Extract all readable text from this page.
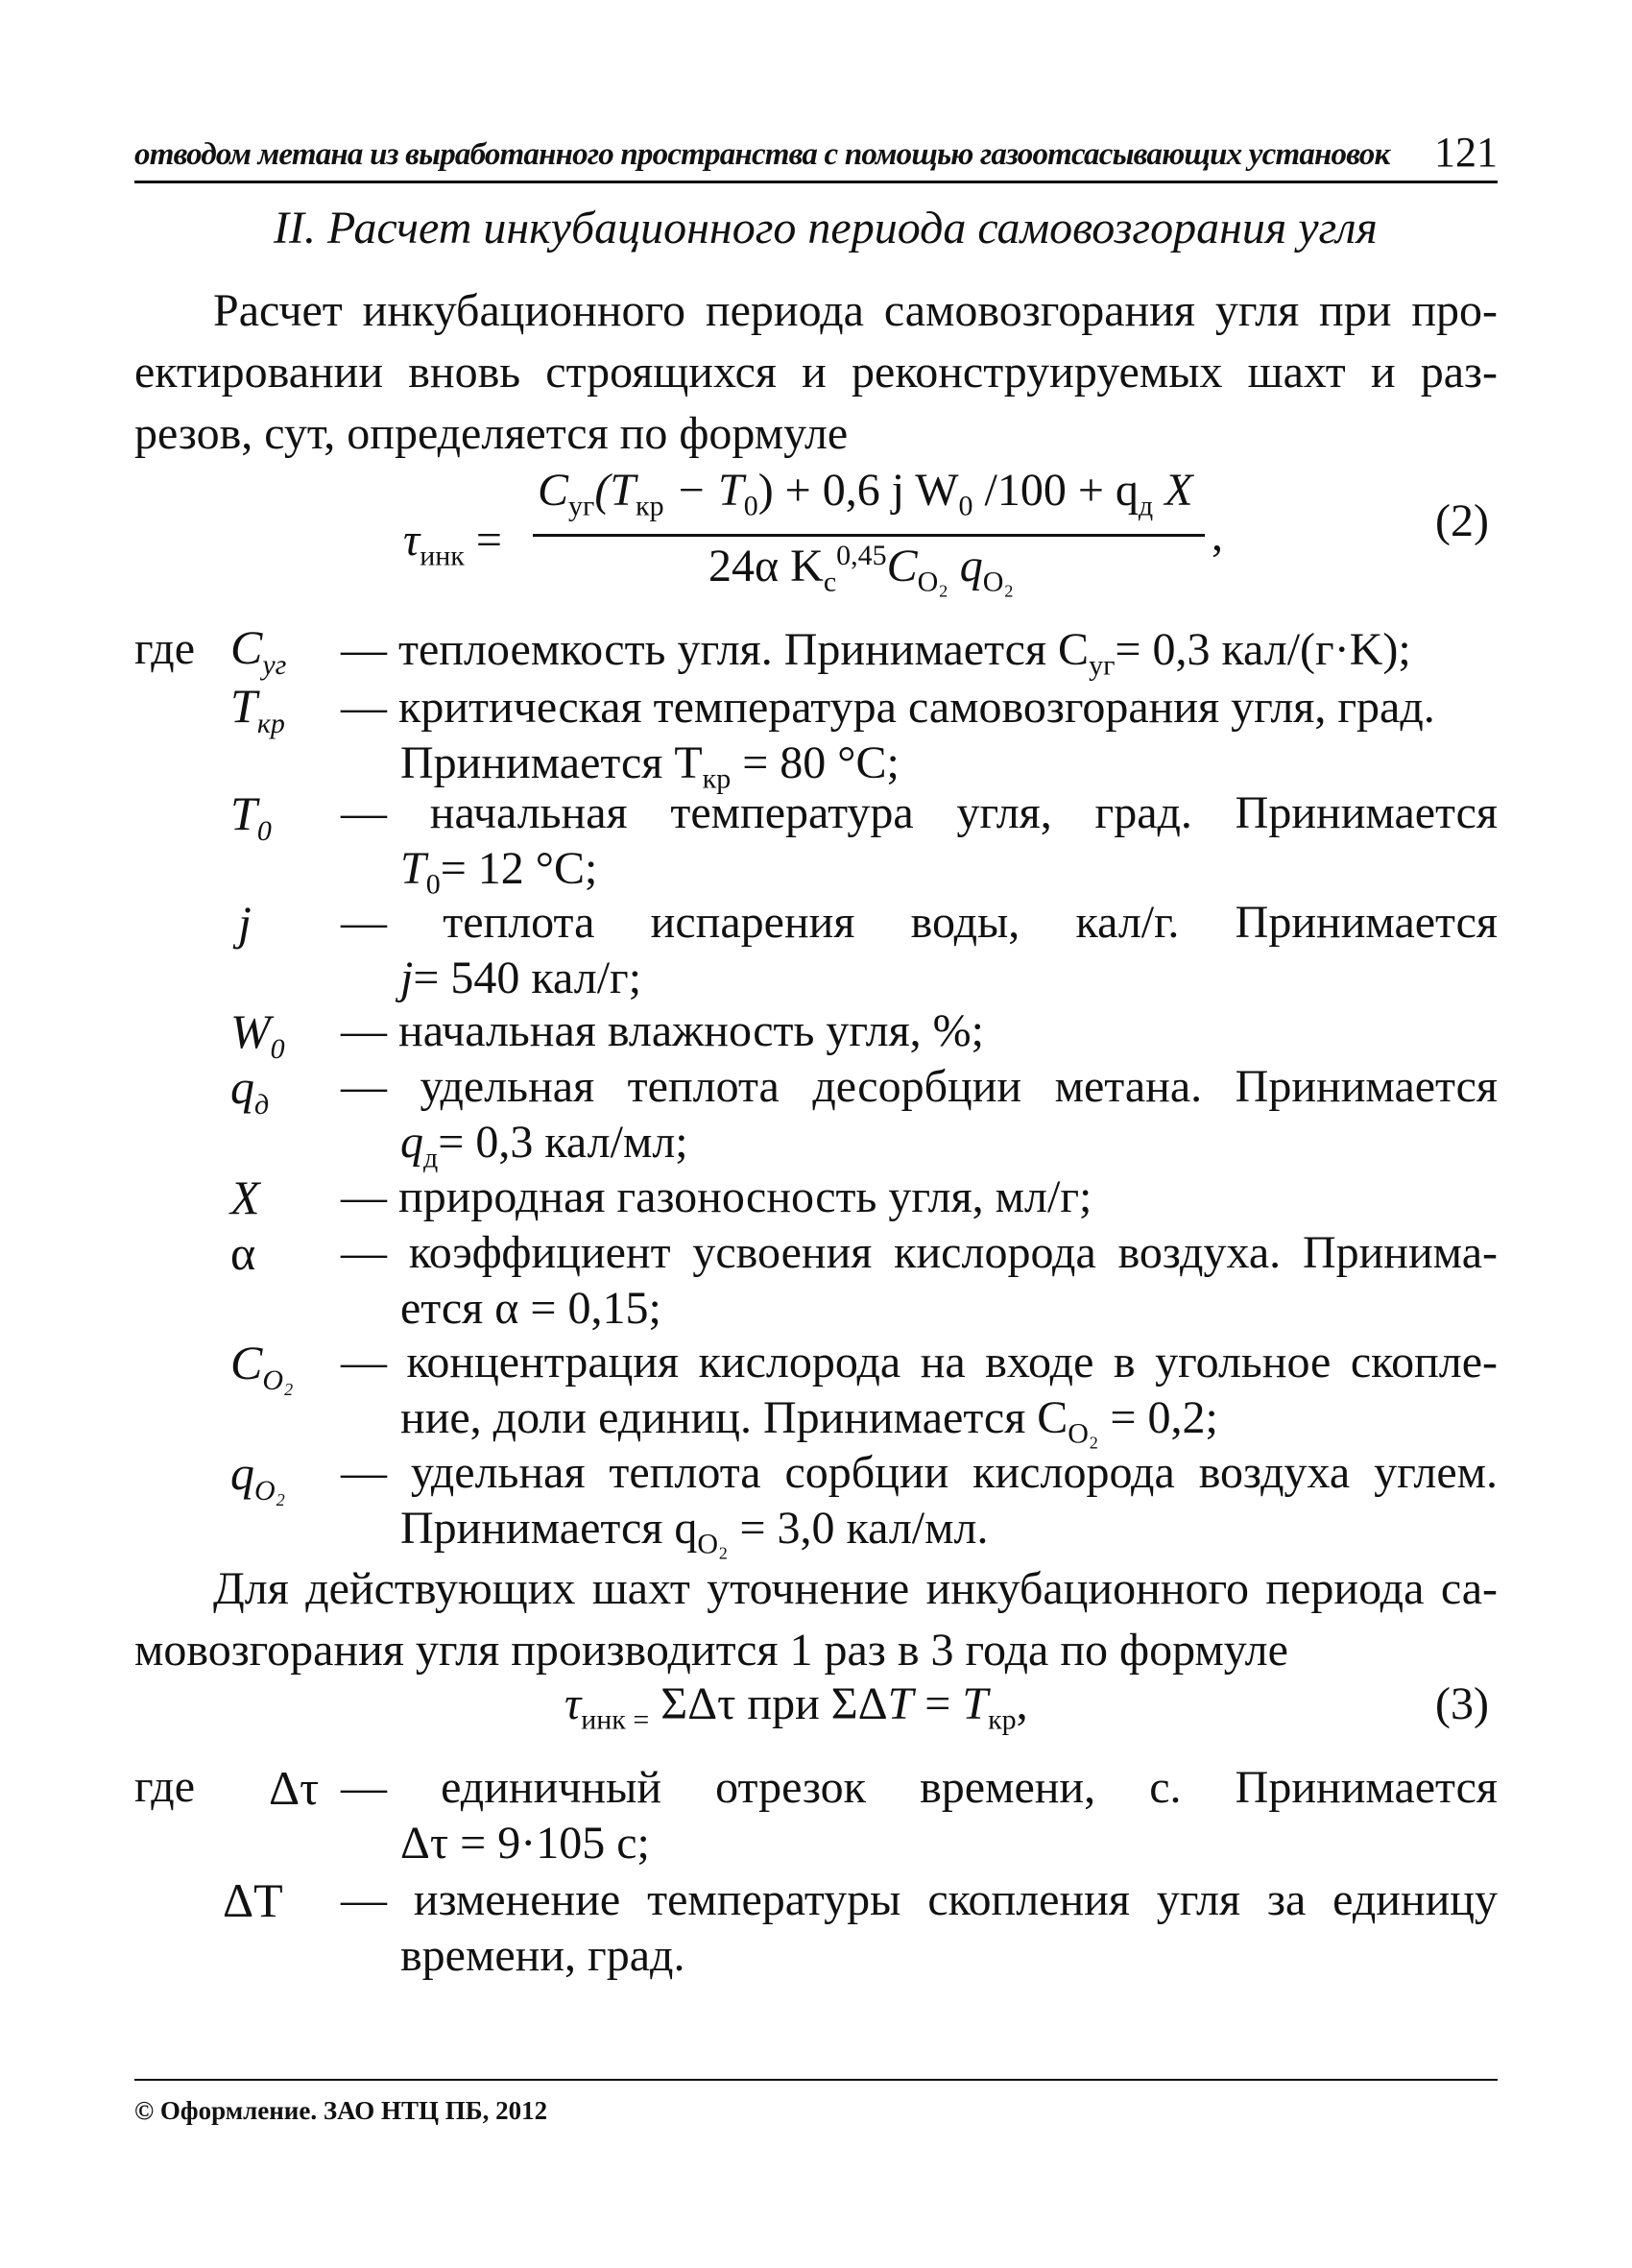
отводом метана из выработанного пространства с помощью газоотсасывающих установок 121
II. Расчет инкубационного периода самовозгорания угля
Расчет инкубационного периода самовозгорания угля при про-
ектировании вновь строящихся и реконструируемых шахт и раз-
резов, сут, определяется по формуле
$\tau_{инк}$ =
$C_{уг}(T_{кр} - T_0) + 0,6$ j $W_0$ $/100 + q_д$ X
24α $K_с^{0,45}C_{O_2}$ $q_{O_2}$
,	(2)
где $C_{уг}$ — теплоемкость угля. Принимается $C_{уг}= 0,3$ кал/(г·K);
$T_{кр}$ — критическая температура самовозгорания угля, град.
Принимается $T_{кр} = 80$ °C;
$T_0$ — начальная температура угля, град. Принимается
$T_0= 12$ °C;
j — теплота испарения воды, кал/г. Принимается
j= 540 кал/г;
$W_0$ — начальная влажность угля, %;
$q_д$ — удельная теплота десорбции метана. Принимается
$q_д= 0,3$ кал/мл;
X — природная газоносность угля, мл/г;
α — коэффициент усвоения кислорода воздуха. Принима-
ется α = 0,15;
$C_{O_2}$ — концентрация кислорода на входе в угольное скопле-
ние, доли единиц. Принимается $C_{O_2} = 0,2$;
$q_{O_2}$ — удельная теплота сорбции кислорода воздуха углем.
Принимается $q_{O_2} = 3,0$ кал/мл.
Для действующих шахт уточнение инкубационного периода са-
мовозгорания угля производится 1 раз в 3 года по формуле
$\tau_{инк =}$ ΣΔτ при $\Sigma\Delta T = T_{кр}$,	(3)
где Δτ — единичный отрезок времени, с. Принимается
Δτ = 9·105 с;
ΔT — изменение температуры скопления угля за единицу
времени, град.
© Оформление. ЗАО НТЦ ПБ, 2012
